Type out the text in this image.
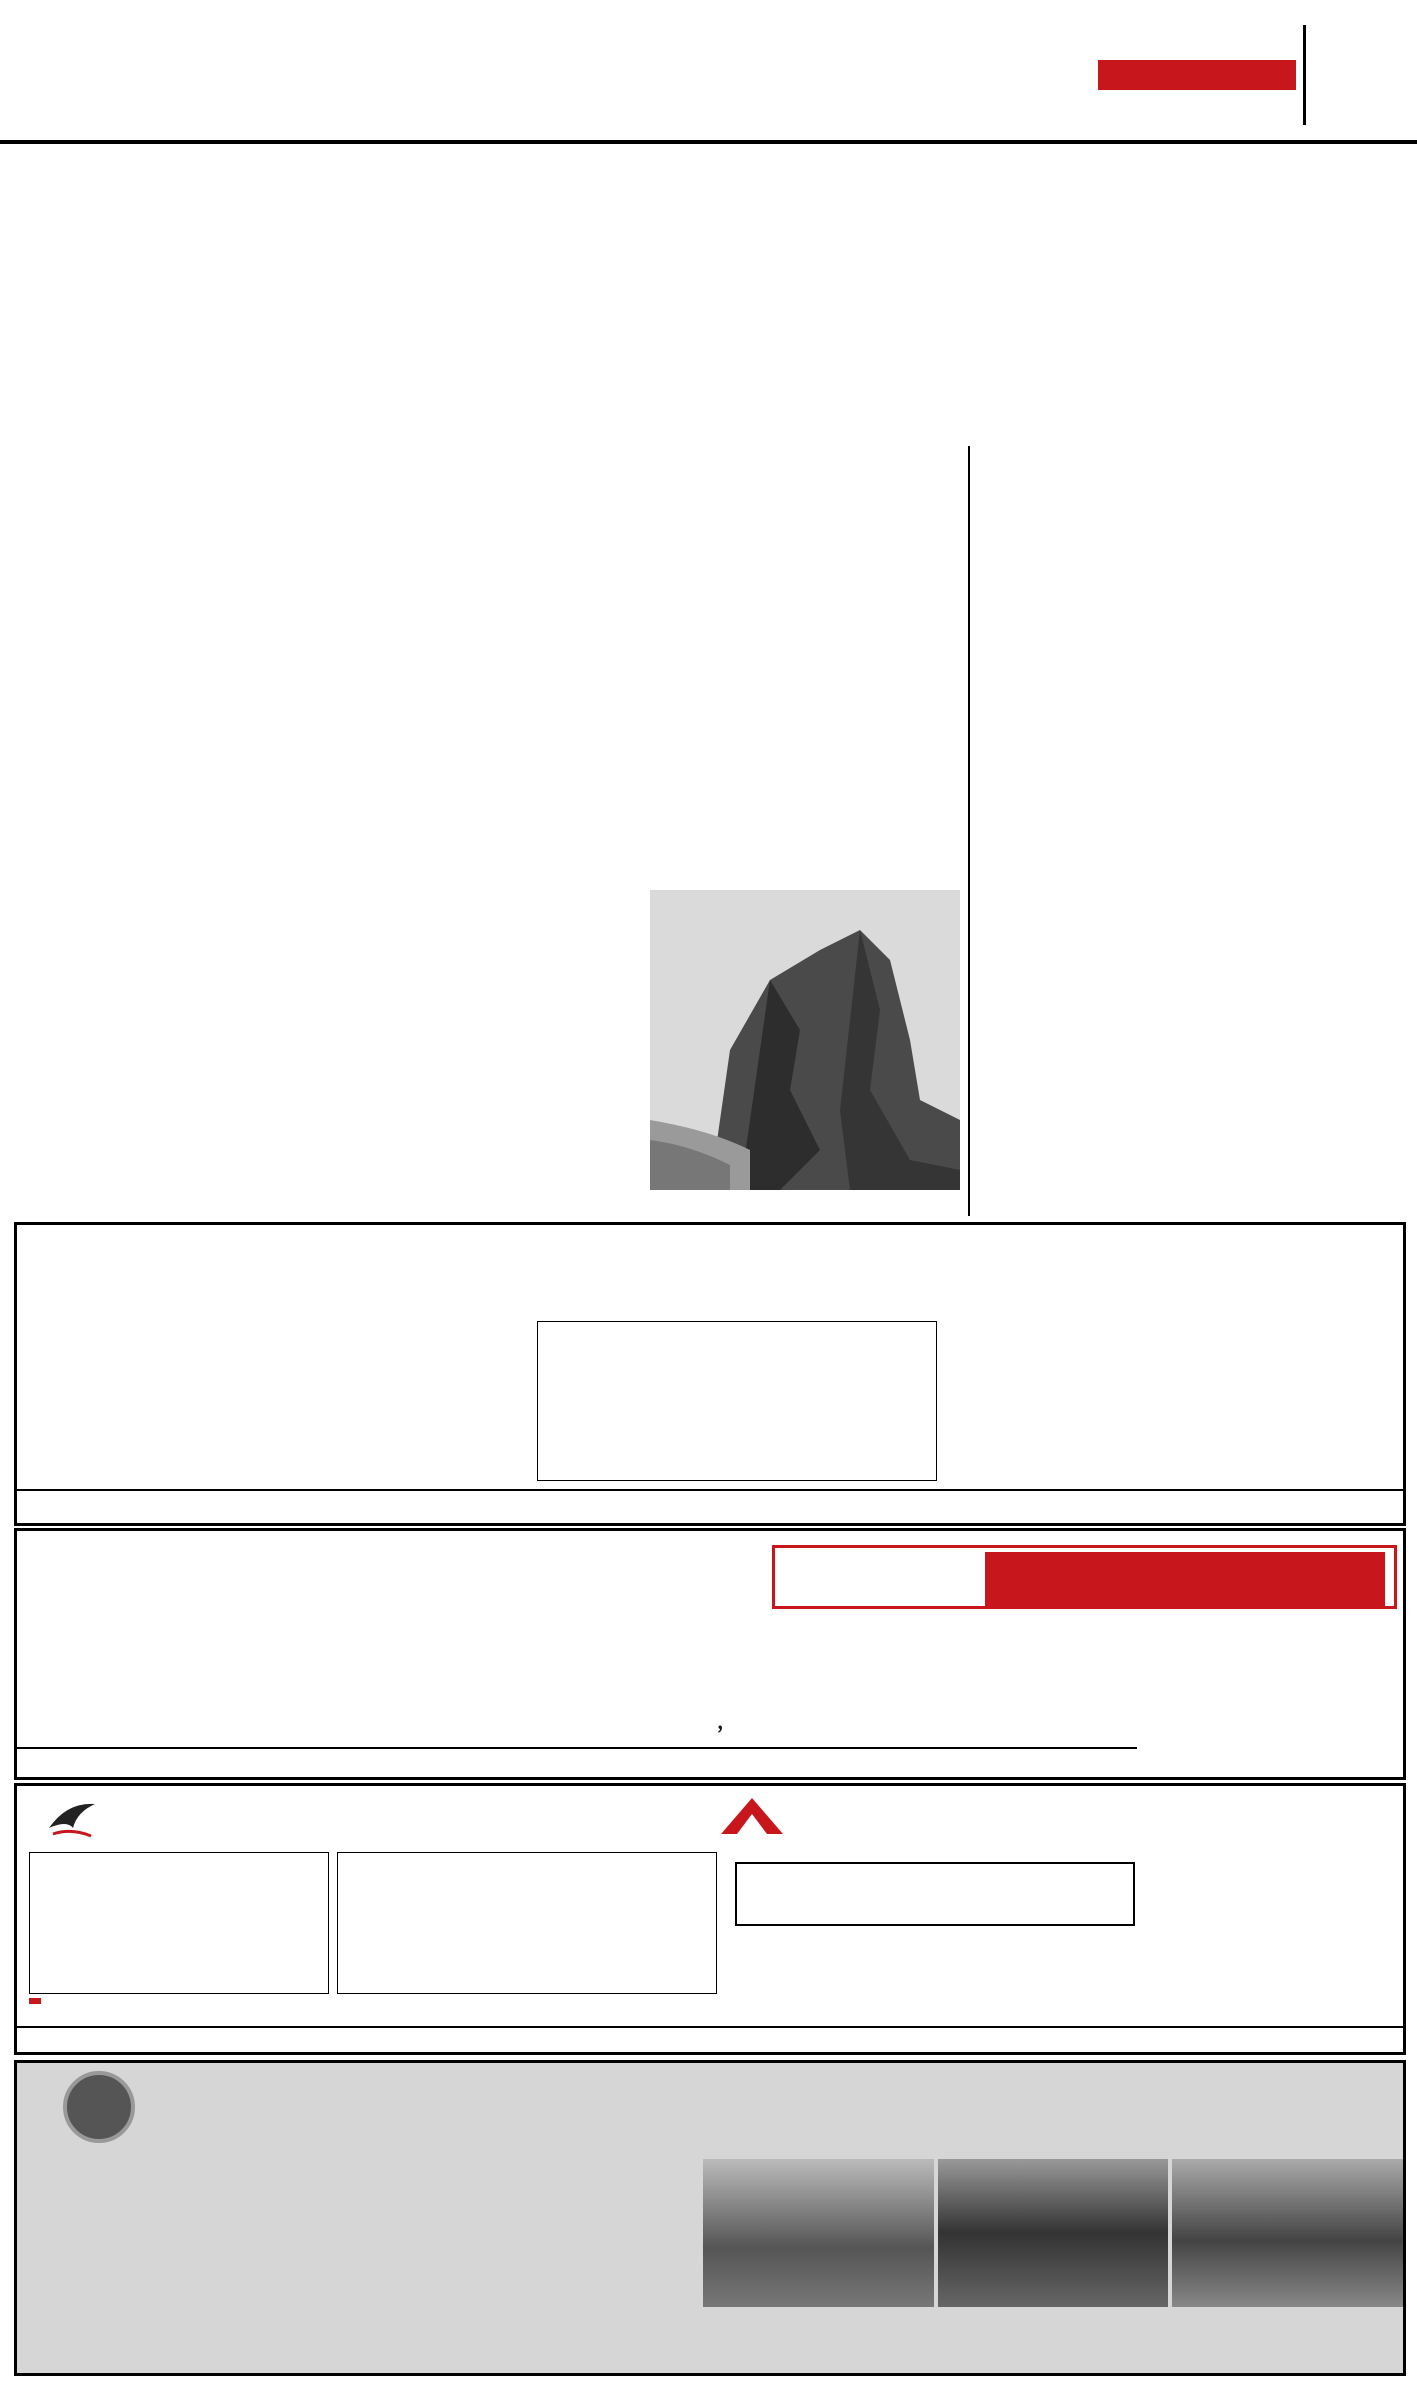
，
